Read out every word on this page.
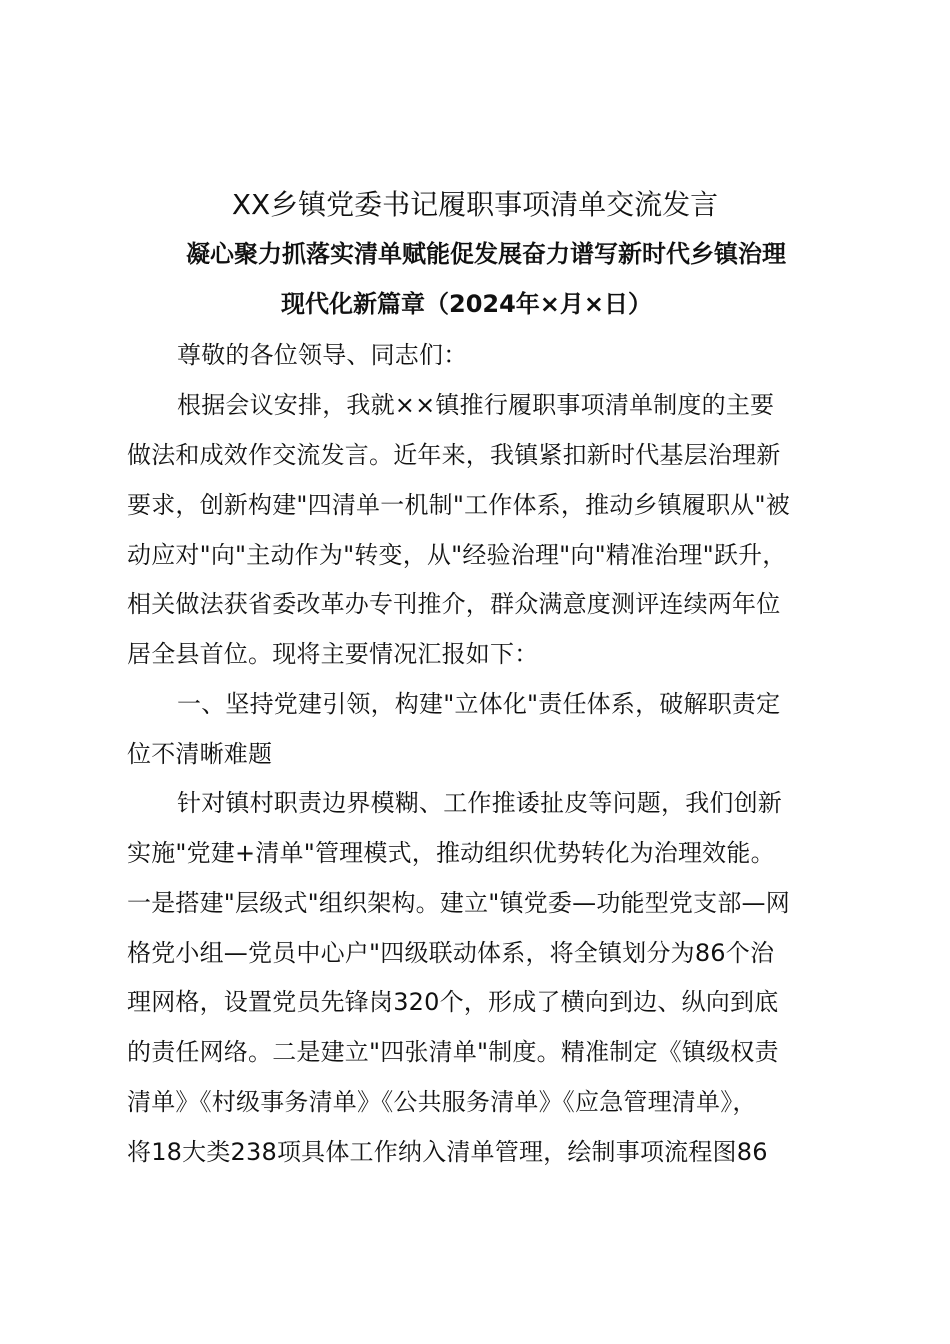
XX乡镇党委书记履职事项清单交流发言
凝心聚力抓落实清单赋能促发展奋力谱写新时代乡镇治理
现代化新篇章（2024年×月×日）
尊敬的各位领导、同志们：
根据会议安排，我就××镇推行履职事项清单制度的主要
做法和成效作交流发言。近年来，我镇紧扣新时代基层治理新
要求，创新构建"四清单一机制"工作体系，推动乡镇履职从"被
动应对"向"主动作为"转变，从"经验治理"向"精准治理"跃升，
相关做法获省委改革办专刊推介，群众满意度测评连续两年位
居全县首位。现将主要情况汇报如下：
一、坚持党建引领，构建"立体化"责任体系，破解职责定
位不清晰难题
针对镇村职责边界模糊、工作推诿扯皮等问题，我们创新
实施"党建+清单"管理模式，推动组织优势转化为治理效能。
一是搭建"层级式"组织架构。建立"镇党委—功能型党支部—网
格党小组—党员中心户"四级联动体系，将全镇划分为86个治
理网格，设置党员先锋岗320个，形成了横向到边、纵向到底
的责任网络。二是建立"四张清单"制度。精准制定《镇级权责
清单》《村级事务清单》《公共服务清单》《应急管理清单》，
将18大类238项具体工作纳入清单管理，绘制事项流程图86
